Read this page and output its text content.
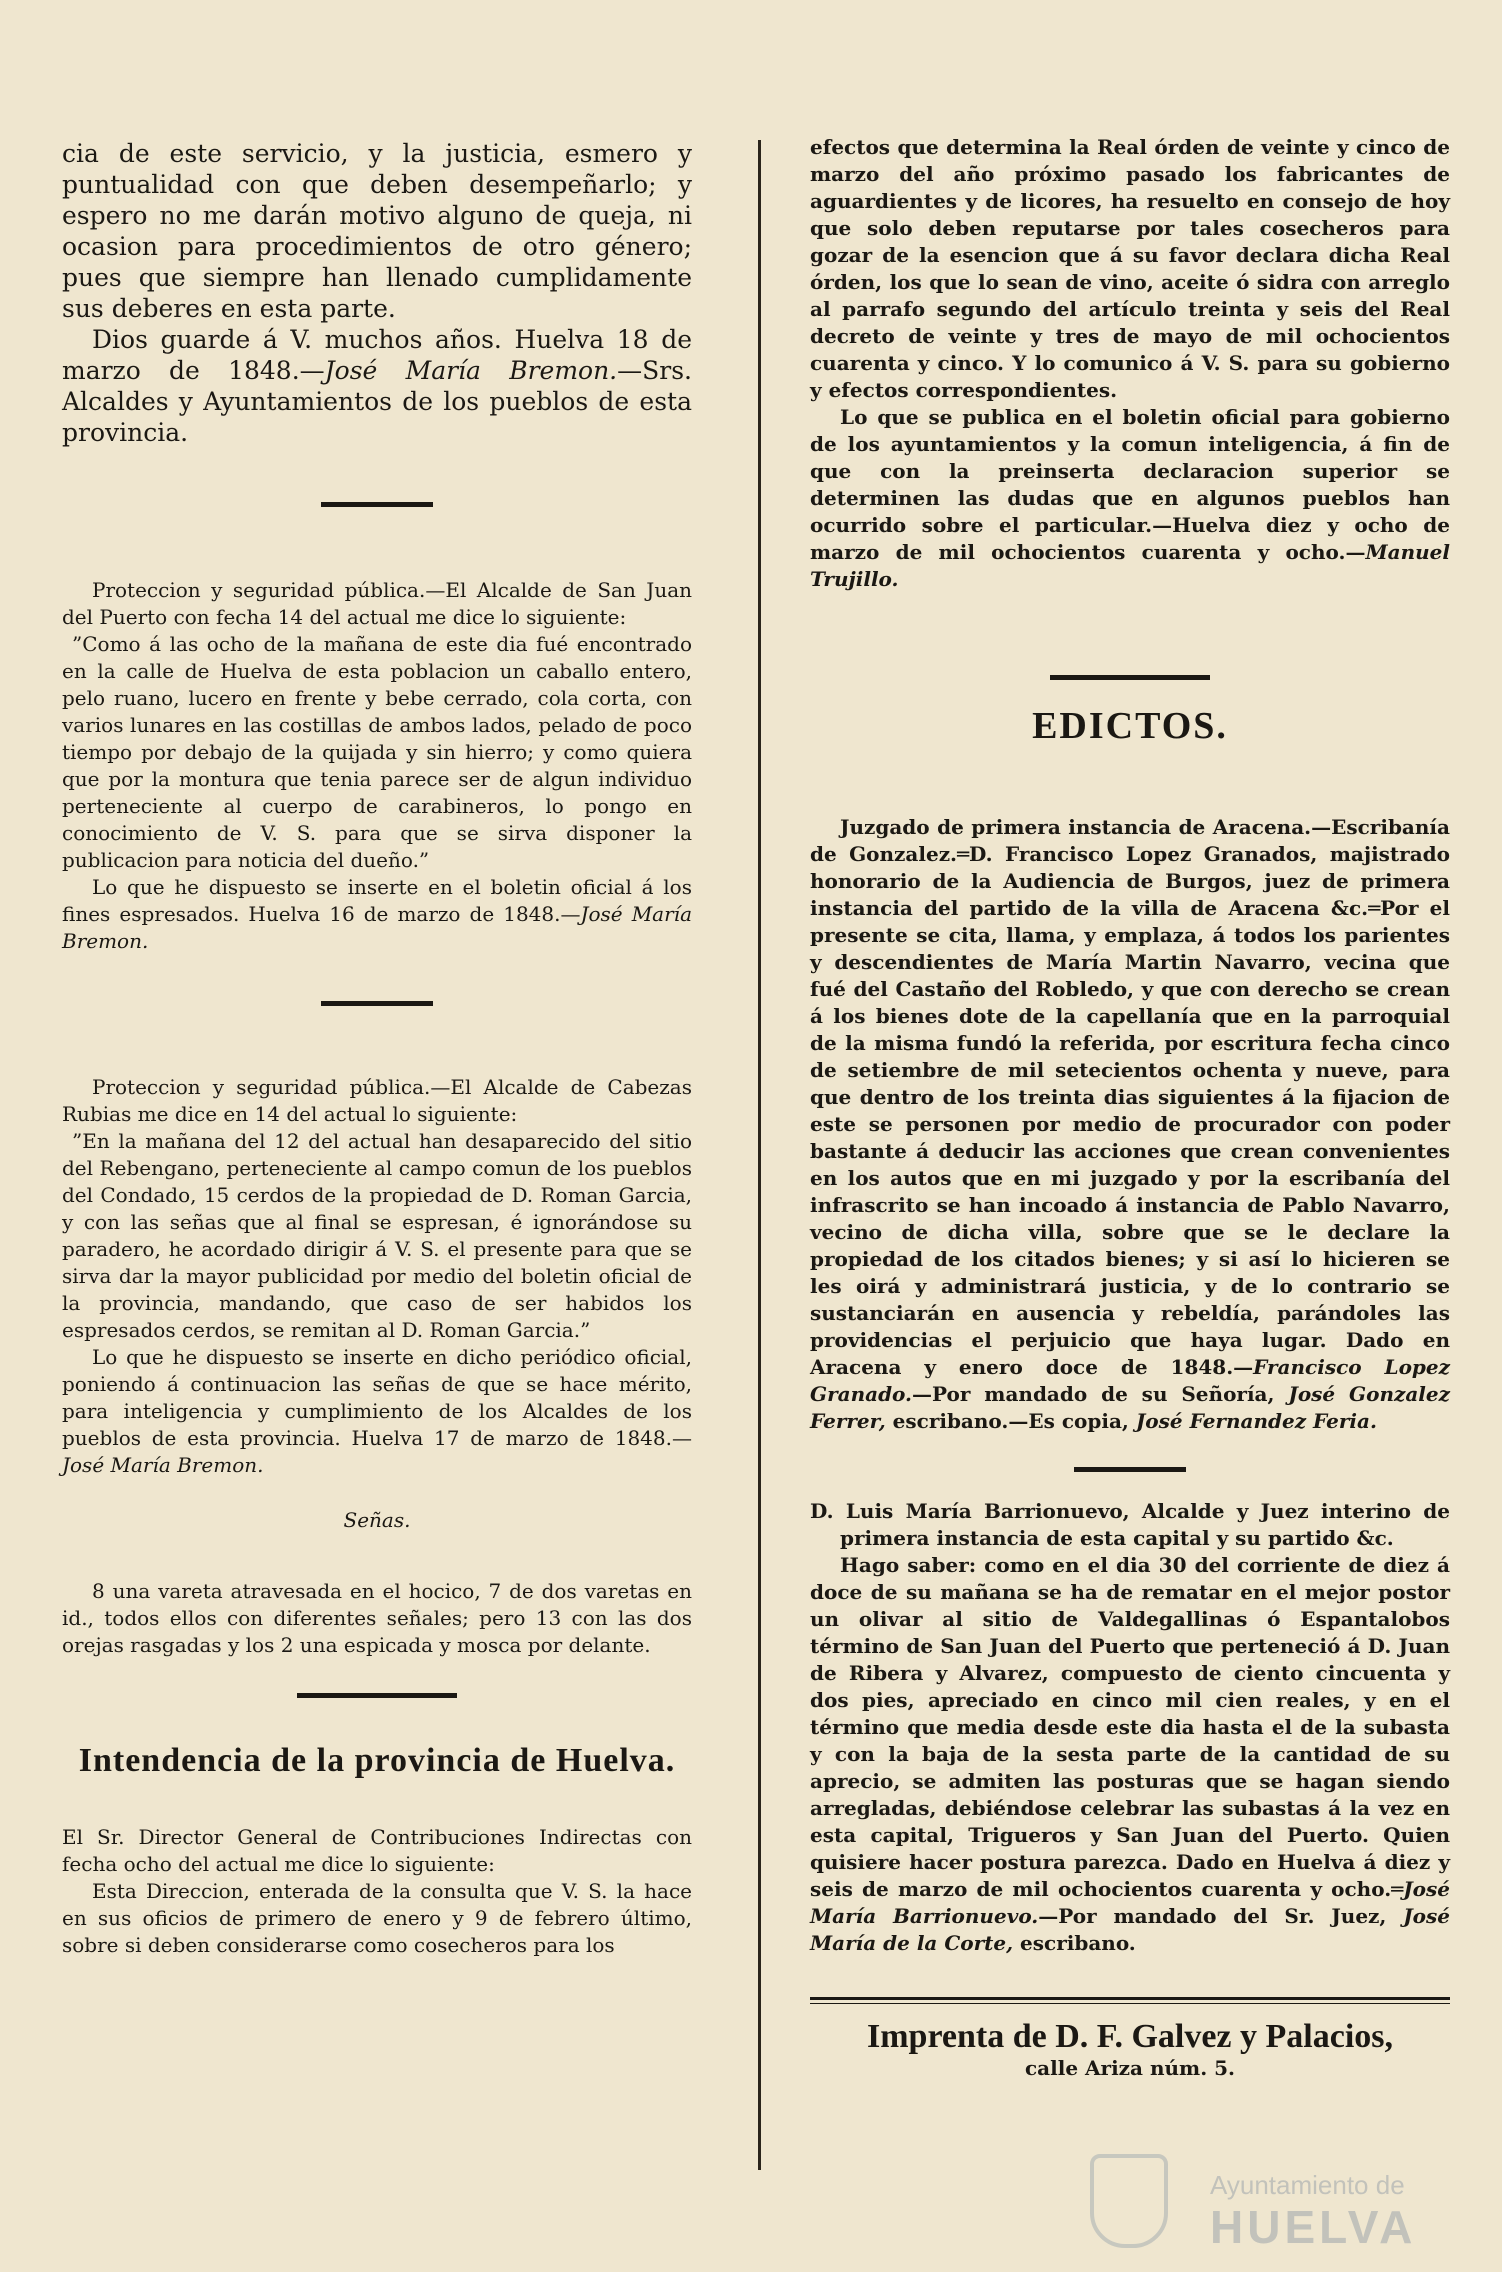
cia de este servicio, y la justicia, esmero y puntualidad con que deben desempeñarlo; y espero no me darán motivo alguno de queja, ni ocasion para procedimientos de otro género; pues que siempre han llenado cumplidamente sus deberes en esta parte.

Dios guarde á V. muchos años. Huelva 18 de marzo de 1848.—José María Bremon.—Srs. Alcaldes y Ayuntamientos de los pueblos de esta provincia.

Proteccion y seguridad pública.—El Alcalde de San Juan del Puerto con fecha 14 del actual me dice lo siguiente:

”Como á las ocho de la mañana de este dia fué encontrado en la calle de Huelva de esta poblacion un caballo entero, pelo ruano, lucero en frente y bebe cerrado, cola corta, con varios lunares en las costillas de ambos lados, pelado de poco tiempo por debajo de la quijada y sin hierro; y como quiera que por la montura que tenia parece ser de algun individuo perteneciente al cuerpo de carabineros, lo pongo en conocimiento de V. S. para que se sirva disponer la publicacion para noticia del dueño.”

Lo que he dispuesto se inserte en el boletin oficial á los fines espresados. Huelva 16 de marzo de 1848.—José María Bremon.

Proteccion y seguridad pública.—El Alcalde de Cabezas Rubias me dice en 14 del actual lo siguiente:

”En la mañana del 12 del actual han desaparecido del sitio del Rebengano, perteneciente al campo comun de los pueblos del Condado, 15 cerdos de la propiedad de D. Roman Garcia, y con las señas que al final se espresan, é ignorándose su paradero, he acordado dirigir á V. S. el presente para que se sirva dar la mayor publicidad por medio del boletin oficial de la provincia, mandando, que caso de ser habidos los espresados cerdos, se remitan al D. Roman Garcia.”

Lo que he dispuesto se inserte en dicho periódico oficial, poniendo á continuacion las señas de que se hace mérito, para inteligencia y cumplimiento de los Alcaldes de los pueblos de esta provincia. Huelva 17 de marzo de 1848.—José María Bremon.

Señas.

8 una vareta atravesada en el hocico, 7 de dos varetas en id., todos ellos con diferentes señales; pero 13 con las dos orejas rasgadas y los 2 una espicada y mosca por delante.

Intendencia de la provincia de Huelva.

El Sr. Director General de Contribuciones Indirectas con fecha ocho del actual me dice lo siguiente:

Esta Direccion, enterada de la consulta que V. S. la hace en sus oficios de primero de enero y 9 de febrero último, sobre si deben considerarse como cosecheros para los

efectos que determina la Real órden de veinte y cinco de marzo del año próximo pasado los fabricantes de aguardientes y de licores, ha resuelto en consejo de hoy que solo deben reputarse por tales cosecheros para gozar de la esencion que á su favor declara dicha Real órden, los que lo sean de vino, aceite ó sidra con arreglo al parrafo segundo del artículo treinta y seis del Real decreto de veinte y tres de mayo de mil ochocientos cuarenta y cinco. Y lo comunico á V. S. para su gobierno y efectos correspondientes.

Lo que se publica en el boletin oficial para gobierno de los ayuntamientos y la comun inteligencia, á fin de que con la preinserta declaracion superior se determinen las dudas que en algunos pueblos han ocurrido sobre el particular.—Huelva diez y ocho de marzo de mil ochocientos cuarenta y ocho.—Manuel Trujillo.

EDICTOS.

Juzgado de primera instancia de Aracena.—Escribanía de Gonzalez.═D. Francisco Lopez Granados, majistrado honorario de la Audiencia de Burgos, juez de primera instancia del partido de la villa de Aracena &c.═Por el presente se cita, llama, y emplaza, á todos los parientes y descendientes de María Martin Navarro, vecina que fué del Castaño del Robledo, y que con derecho se crean á los bienes dote de la capellanía que en la parroquial de la misma fundó la referida, por escritura fecha cinco de setiembre de mil setecientos ochenta y nueve, para que dentro de los treinta dias siguientes á la fijacion de este se personen por medio de procurador con poder bastante á deducir las acciones que crean convenientes en los autos que en mi juzgado y por la escribanía del infrascrito se han incoado á instancia de Pablo Navarro, vecino de dicha villa, sobre que se le declare la propiedad de los citados bienes; y si así lo hicieren se les oirá y administrará justicia, y de lo contrario se sustanciarán en ausencia y rebeldía, parándoles las providencias el perjuicio que haya lugar. Dado en Aracena y enero doce de 1848.—Francisco Lopez Granado.—Por mandado de su Señoría, José Gonzalez Ferrer, escribano.—Es copia, José Fernandez Feria.

D. Luis María Barrionuevo, Alcalde y Juez interino de primera instancia de esta capital y su partido &c.

Hago saber: como en el dia 30 del corriente de diez á doce de su mañana se ha de rematar en el mejor postor un olivar al sitio de Valdegallinas ó Espantalobos término de San Juan del Puerto que perteneció á D. Juan de Ribera y Alvarez, compuesto de ciento cincuenta y dos pies, apreciado en cinco mil cien reales, y en el término que media desde este dia hasta el de la subasta y con la baja de la sesta parte de la cantidad de su aprecio, se admiten las posturas que se hagan siendo arregladas, debiéndose celebrar las subastas á la vez en esta capital, Trigueros y San Juan del Puerto. Quien quisiere hacer postura parezca. Dado en Huelva á diez y seis de marzo de mil ochocientos cuarenta y ocho.═José María Barrionuevo.—Por mandado del Sr. Juez, José María de la Corte, escribano.

Imprenta de D. F. Galvez y Palacios,
calle Ariza núm. 5.
Ayuntamiento de
HUELVA
